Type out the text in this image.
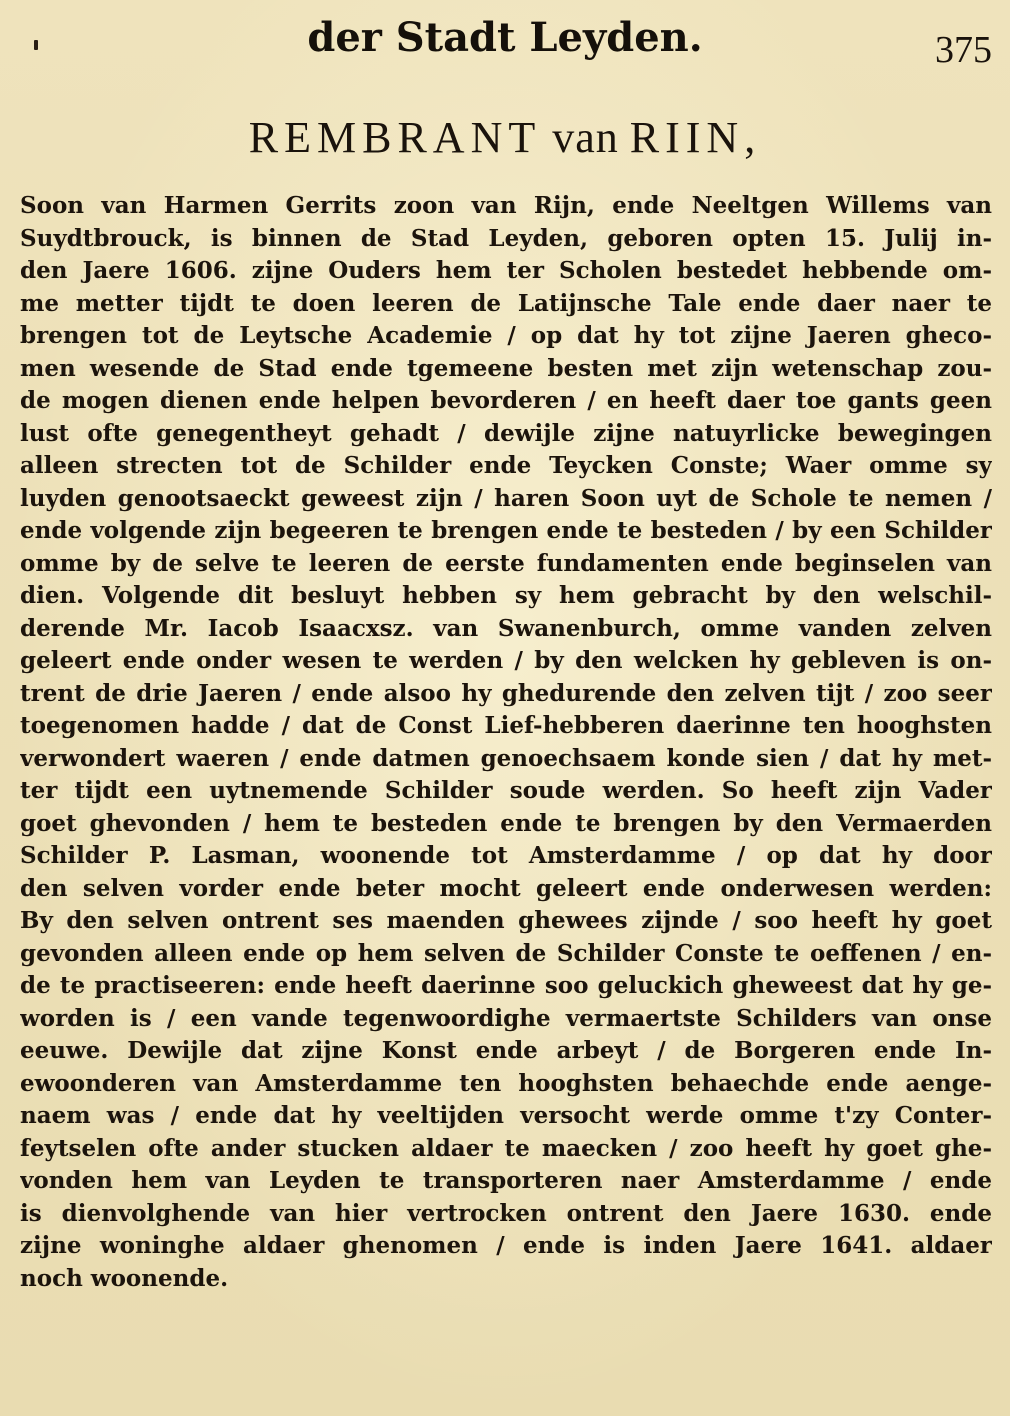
der Stadt Leyden.	375
REMBRANT van RIIN,
Soon van Harmen Gerrits zoon van Rijn, ende Neeltgen Willems van
Suydtbrouck, is binnen de Stad Leyden, geboren opten 15. Julij in-
den Jaere 1606. zijne Ouders hem ter Scholen bestedet hebbende om-
me metter tijdt te doen leeren de Latijnsche Tale ende daer naer te
brengen tot de Leytsche Academie / op dat hy tot zijne Jaeren gheco-
men wesende de Stad ende tgemeene besten met zijn wetenschap zou-
de mogen dienen ende helpen bevorderen / en heeft daer toe gants geen
lust ofte genegentheyt gehadt / dewijle zijne natuyrlicke bewegingen
alleen strecten tot de Schilder ende Teycken Conste; Waer omme sy
luyden genootsaeckt geweest zijn / haren Soon uyt de Schole te nemen /
ende volgende zijn begeeren te brengen ende te besteden / by een Schilder
omme by de selve te leeren de eerste fundamenten ende beginselen van
dien. Volgende dit besluyt hebben sy hem gebracht by den welschil-
derende Mr. Iacob Isaacxsz. van Swanenburch, omme vanden zelven
geleert ende onder wesen te werden / by den welcken hy gebleven is on-
trent de drie Jaeren / ende alsoo hy ghedurende den zelven tijt / zoo seer
toegenomen hadde / dat de Const Lief-hebberen daerinne ten hooghsten
verwondert waeren / ende datmen genoechsaem konde sien / dat hy met-
ter tijdt een uytnemende Schilder soude werden. So heeft zijn Vader
goet ghevonden / hem te besteden ende te brengen by den Vermaerden
Schilder P. Lasman, woonende tot Amsterdamme / op dat hy door
den selven vorder ende beter mocht geleert ende onderwesen werden:
By den selven ontrent ses maenden ghewees zijnde / soo heeft hy goet
gevonden alleen ende op hem selven de Schilder Conste te oeffenen / en-
de te practiseeren: ende heeft daerinne soo geluckich gheweest dat hy ge-
worden is / een vande tegenwoordighe vermaertste Schilders van onse
eeuwe. Dewijle dat zijne Konst ende arbeyt / de Borgeren ende In-
ewoonderen van Amsterdamme ten hooghsten behaechde ende aenge-
naem was / ende dat hy veeltijden versocht werde omme t'zy Conter-
feytselen ofte ander stucken aldaer te maecken / zoo heeft hy goet ghe-
vonden hem van Leyden te transporteren naer Amsterdamme / ende
is dienvolghende van hier vertrocken ontrent den Jaere 1630. ende
zijne woninghe aldaer ghenomen / ende is inden Jaere 1641. aldaer
noch woonende.
